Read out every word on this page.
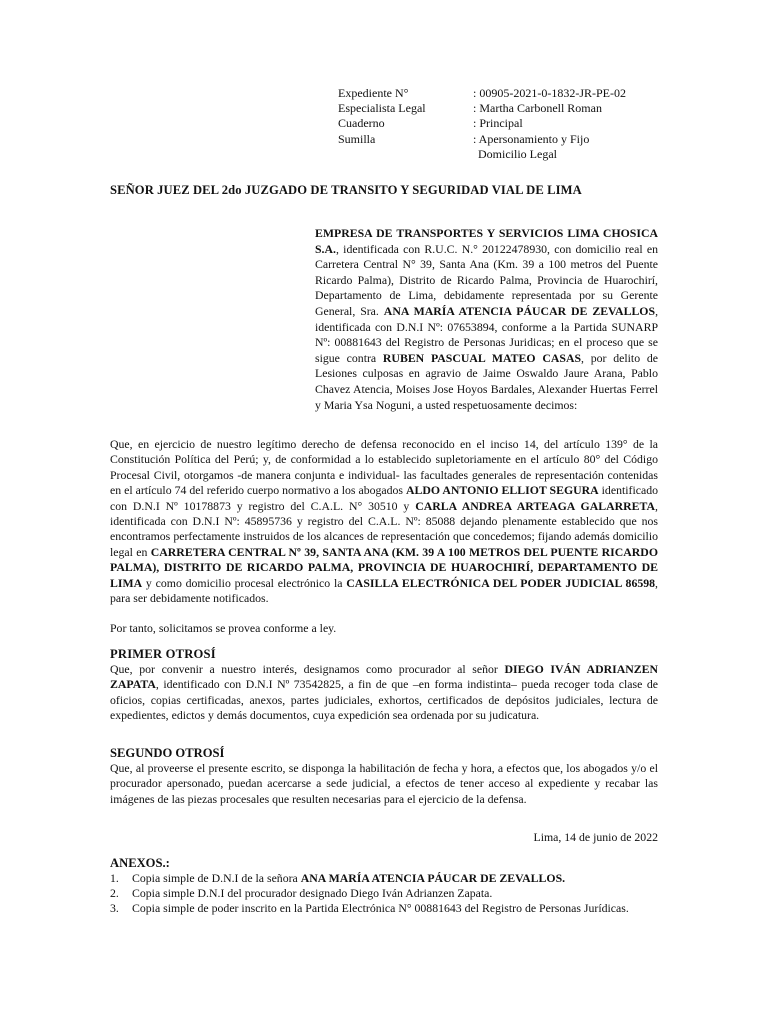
Expediente N°	: 00905-2021-0-1832-JR-PE-02
Especialista Legal	: Martha Carbonell Roman
Cuaderno	: Principal
Sumilla	: Apersonamiento y Fijo
Domicilio Legal
SEÑOR JUEZ DEL 2do JUZGADO DE TRANSITO Y SEGURIDAD VIAL DE LIMA
EMPRESA DE TRANSPORTES Y SERVICIOS LIMA CHOSICA S.A., identificada con R.U.C. N.° 20122478930, con domicilio real en Carretera Central N° 39, Santa Ana (Km. 39 a 100 metros del Puente Ricardo Palma), Distrito de Ricardo Palma, Provincia de Huarochirí, Departamento de Lima, debidamente representada por su Gerente General, Sra. ANA MARÍA ATENCIA PÁUCAR DE ZEVALLOS, identificada con D.N.I Nº: 07653894, conforme a la Partida SUNARP Nº: 00881643 del Registro de Personas Juridicas; en el proceso que se sigue contra RUBEN PASCUAL MATEO CASAS, por delito de Lesiones culposas en agravio de Jaime Oswaldo Jaure Arana, Pablo Chavez Atencia, Moises Jose Hoyos Bardales, Alexander Huertas Ferrel y Maria Ysa Noguni, a usted respetuosamente decimos:
Que, en ejercicio de nuestro legítimo derecho de defensa reconocido en el inciso 14, del artículo 139° de la Constitución Política del Perú; y, de conformidad a lo establecido supletoriamente en el artículo 80° del Código Procesal Civil, otorgamos -de manera conjunta e individual- las facultades generales de representación contenidas en el artículo 74 del referido cuerpo normativo a los abogados ALDO ANTONIO ELLIOT SEGURA identificado con D.N.I Nº 10178873 y registro del C.A.L. N° 30510 y CARLA ANDREA ARTEAGA GALARRETA, identificada con D.N.I Nº: 45895736 y registro del C.A.L. Nº: 85088 dejando plenamente establecido que nos encontramos perfectamente instruidos de los alcances de representación que concedemos; fijando además domicilio legal en CARRETERA CENTRAL Nº 39, SANTA ANA (KM. 39 A 100 METROS DEL PUENTE RICARDO PALMA), DISTRITO DE RICARDO PALMA, PROVINCIA DE HUAROCHIRÍ, DEPARTAMENTO DE LIMA y como domicilio procesal electrónico la CASILLA ELECTRÓNICA DEL PODER JUDICIAL 86598, para ser debidamente notificados.
Por tanto, solicitamos se provea conforme a ley.
PRIMER OTROSÍ
Que, por convenir a nuestro interés, designamos como procurador al señor DIEGO IVÁN ADRIANZEN ZAPATA, identificado con D.N.I Nº 73542825, a fin de que –en forma indistinta– pueda recoger toda clase de oficios, copias certificadas, anexos, partes judiciales, exhortos, certificados de depósitos judiciales, lectura de expedientes, edictos y demás documentos, cuya expedición sea ordenada por su judicatura.
SEGUNDO OTROSÍ
Que, al proveerse el presente escrito, se disponga la habilitación de fecha y hora, a efectos que, los abogados y/o el procurador apersonado, puedan acercarse a sede judicial, a efectos de tener acceso al expediente y recabar las imágenes de las piezas procesales que resulten necesarias para el ejercicio de la defensa.
Lima, 14 de junio de 2022
ANEXOS.:
1.	Copia simple de D.N.I de la señora ANA MARÍA ATENCIA PÁUCAR DE ZEVALLOS.
2.	Copia simple D.N.I del procurador designado Diego Iván Adrianzen Zapata.
3.	Copia simple de poder inscrito en la Partida Electrónica N° 00881643 del Registro de Personas Jurídicas.
